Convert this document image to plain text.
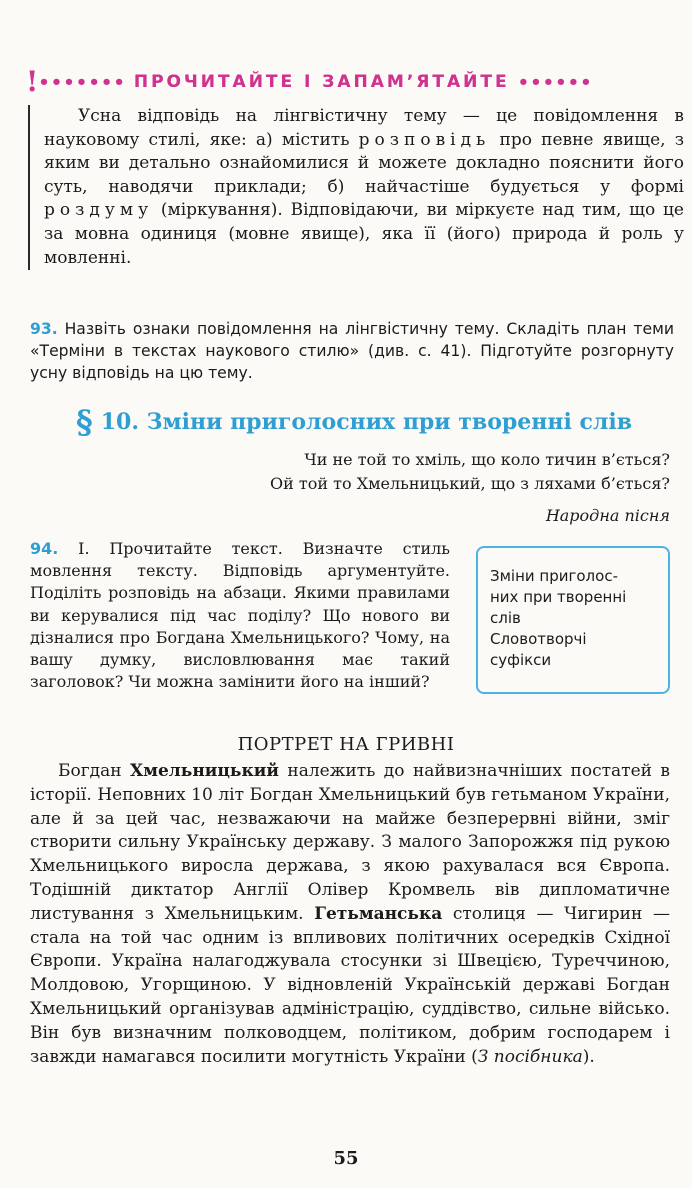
! ••••••• ПРОЧИТАЙТЕ І ЗАПАМ’ЯТАЙТЕ ••••••

Усна відповідь на лінгвістичну тему — це повідомлення в науковому стилі, яке: а) містить розповідь про певне явище, з яким ви детально ознайомилися й можете докладно пояснити його суть, наводячи приклади; б) найчастіше будується у формі роздуму (міркування). Відповідаючи, ви міркуєте над тим, що це за мовна одиниця (мовне явище), яка її (його) природа й роль у мовленні.

93. Назвіть ознаки повідомлення на лінгвістичну тему. Складіть план теми «Терміни в текстах наукового стилю» (див. с. 41). Підготуйте розгорнуту усну відповідь на цю тему.
§ 10. Зміни приголосних при творенні слів
Чи не той то хміль, що коло тичин в’ється?
Ой той то Хмельницький, що з ляхами б’ється?
Народна пісня
94. І. Прочитайте текст. Визначте стиль мовлення тексту. Відповідь аргументуйте. Поділіть розповідь на абзаци. Якими правилами ви керувалися під час поділу? Що нового ви дізналися про Богдана Хмельницького? Чому, на вашу думку, висловлювання має такий заголовок? Чи можна замінити його на інший?
Зміни приголос-
них при творенні
слів
Словотворчі
суфікси
ПОРТРЕТ НА ГРИВНІ

Богдан Хмельницький належить до найвизначніших постатей в історії. Неповних 10 літ Богдан Хмельницький був гетьманом України, але й за цей час, незважаючи на майже безперервні війни, зміг створити сильну Українську державу. З малого Запорожжя під рукою Хмельницького виросла держава, з якою рахувалася вся Європа. Тодішній диктатор Англії Олівер Кромвель вів дипломатичне листування з Хмельницьким. Гетьманська столиця — Чигирин — стала на той час одним із впливових політичних осередків Східної Європи. Україна налагоджувала стосунки зі Швецією, Туреччиною, Молдовою, Угорщиною. У відновленій Українській державі Богдан Хмельницький організував адміністрацію, суддівство, сильне військо. Він був визначним полководцем, політиком, добрим господарем і завжди намагався посилити могутність України (З посібника).

55
